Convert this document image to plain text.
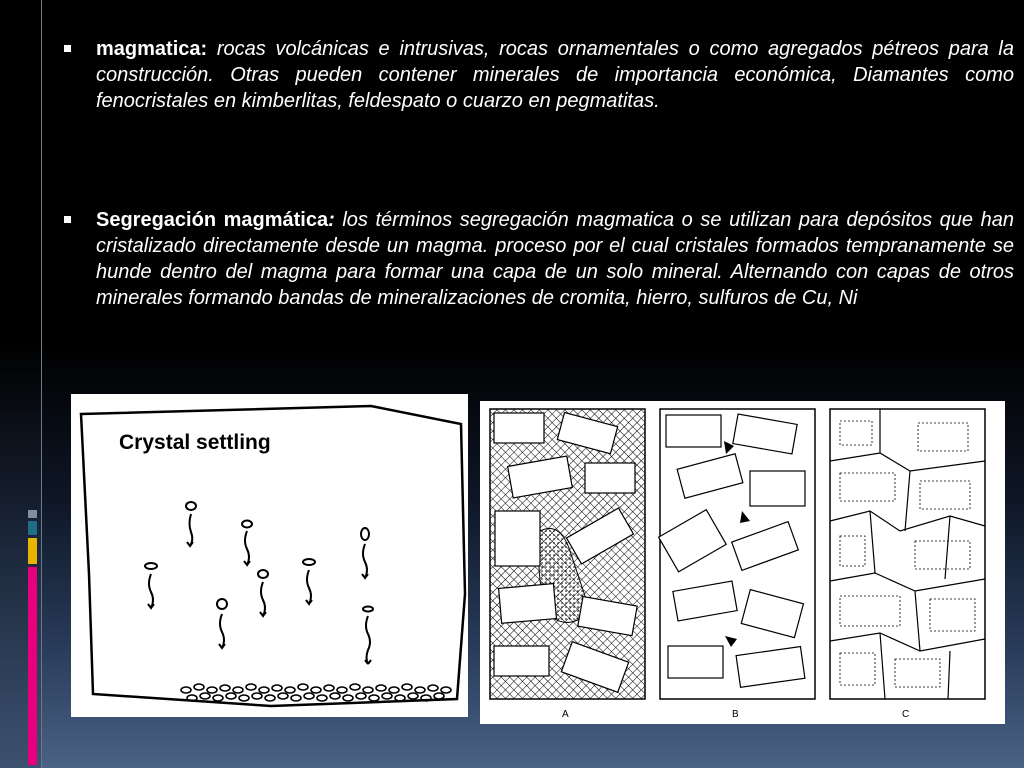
magmatica: rocas volcánicas e intrusivas, rocas ornamentales o como agregados pétreos para la construcción. Otras pueden contener minerales de importancia económica, Diamantes como fenocristales en kimberlitas, feldespato o cuarzo en pegmatitas.
Segregación magmática: los términos segregación magmatica o se utilizan para depósitos que han cristalizado directamente desde un magma. proceso por el cual cristales formados tempranamente se hunde dentro del magma para formar una capa de un solo mineral. Alternando con capas de otros minerales formando bandas de mineralizaciones de cromita, hierro, sulfuros de Cu, Ni
Crystal settling
A	B	C
